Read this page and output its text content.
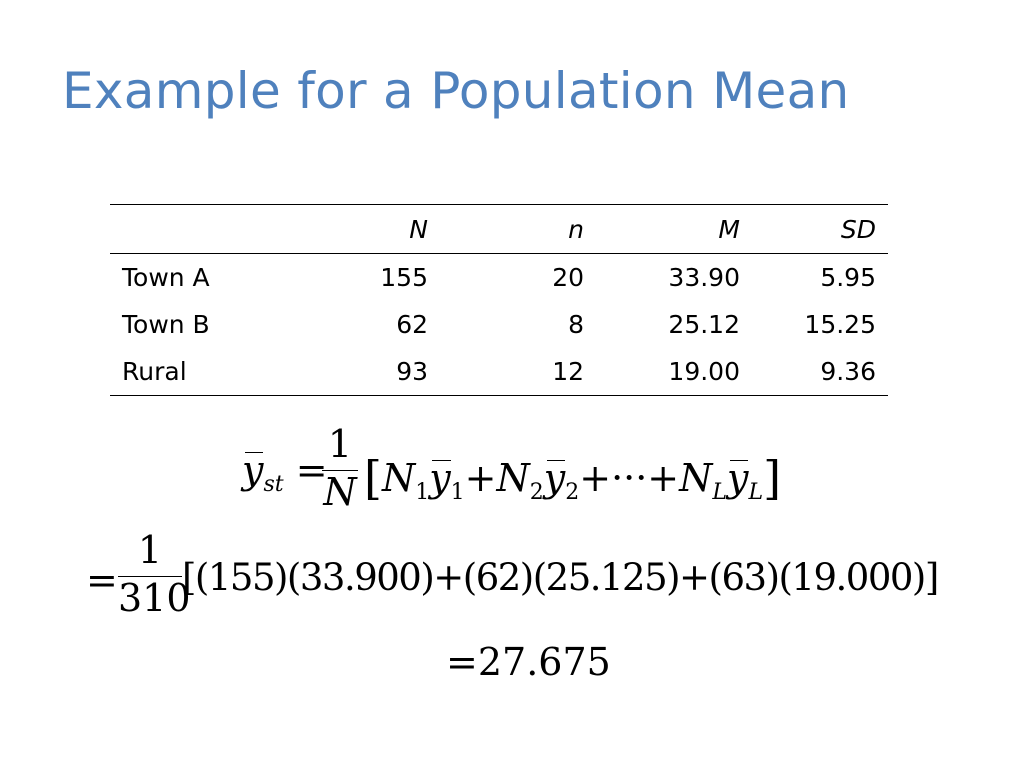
Example for a Population Mean
	N	n	M	SD
Town A	155	20	33.90	5.95
Town B	62	8	25.12	15.25
Rural	93	12	19.00	9.36
$y_{st}$ =
1
N $[N_1y_1+N_2y_2+\cdot\cdot\cdot+N_Ly_L]$
=
1
310
[(155)(33.900)+(62)(25.125)+(63)(19.000)]
=27.675
